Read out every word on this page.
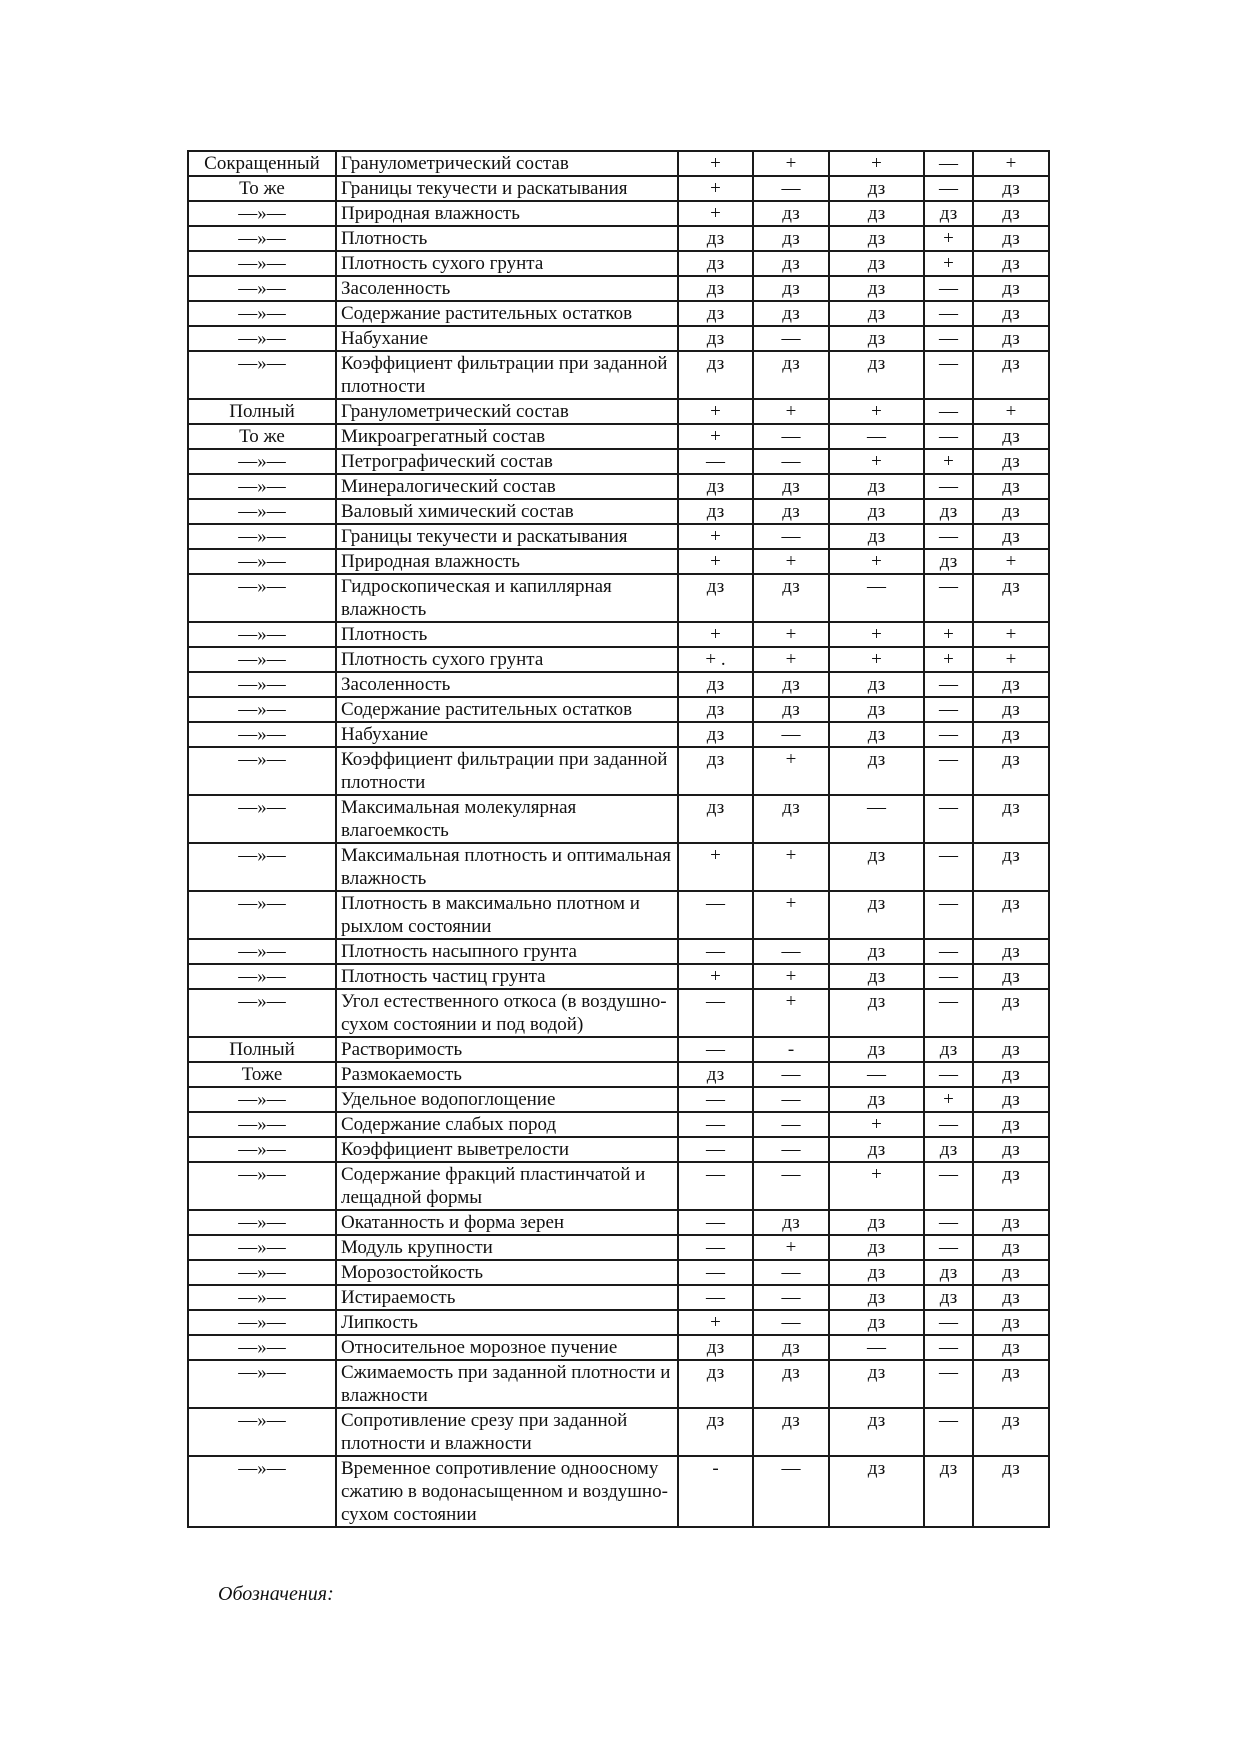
Сокращенный	Гранулометрический состав	+	+	+	—	+
То же	Границы текучести и раскатывания	+	—	дз	—	дз
—»—	Природная влажность	+	дз	дз	дз	дз
—»—	Плотность	дз	дз	дз	+	дз
—»—	Плотность сухого грунта	дз	дз	дз	+	дз
—»—	Засоленность	дз	дз	дз	—	дз
—»—	Содержание растительных остатков	дз	дз	дз	—	дз
—»—	Набухание	дз	—	дз	—	дз
—»—	Коэффициент фильтрации при заданной плотности	дз	дз	дз	—	дз
Полный	Гранулометрический состав	+	+	+	—	+
То же	Микроагрегатный состав	+	—	—	—	дз
—»—	Петрографический состав	—	—	+	+	дз
—»—	Минералогический состав	дз	дз	дз	—	дз
—»—	Валовый химический состав	дз	дз	дз	дз	дз
—»—	Границы текучести и раскатывания	+	—	дз	—	дз
—»—	Природная влажность	+	+	+	дз	+
—»—	Гидроскопическая и капиллярная влажность	дз	дз	—	—	дз
—»—	Плотность	+	+	+	+	+
—»—	Плотность сухого грунта	+ .	+	+	+	+
—»—	Засоленность	дз	дз	дз	—	дз
—»—	Содержание растительных остатков	дз	дз	дз	—	дз
—»—	Набухание	дз	—	дз	—	дз
—»—	Коэффициент фильтрации при заданной плотности	дз	+	дз	—	дз
—»—	Максимальная молекулярная влагоемкость	дз	дз	—	—	дз
—»—	Максимальная плотность и оптимальная влажность	+	+	дз	—	дз
—»—	Плотность в максимально плотном и рыхлом состоянии	—	+	дз	—	дз
—»—	Плотность насыпного грунта	—	—	дз	—	дз
—»—	Плотность частиц грунта	+	+	дз	—	дз
—»—	Угол естественного откоса (в воздушно-сухом состоянии и под водой)	—	+	дз	—	дз
Полный	Растворимость	—	-	дз	дз	дз
Тоже	Размокаемость	дз	—	—	—	дз
—»—	Удельное водопоглощение	—	—	дз	+	дз
—»—	Содержание слабых пород	—	—	+	—	дз
—»—	Коэффициент выветрелости	—	—	дз	дз	дз
—»—	Содержание фракций пластинчатой и лещадной формы	—	—	+	—	дз
—»—	Окатанность и форма зерен	—	дз	дз	—	дз
—»—	Модуль крупности	—	+	дз	—	дз
—»—	Морозостойкость	—	—	дз	дз	дз
—»—	Истираемость	—	—	дз	дз	дз
—»—	Липкость	+	—	дз	—	дз
—»—	Относительное морозное пучение	дз	дз	—	—	дз
—»—	Сжимаемость при заданной плотности и влажности	дз	дз	дз	—	дз
—»—	Сопротивление срезу при заданной плотности и влажности	дз	дз	дз	—	дз
—»—	Временное сопротивление одноосному сжатию в водонасыщенном и воздушно-сухом состоянии	-	—	дз	дз	дз
Обозначения:
